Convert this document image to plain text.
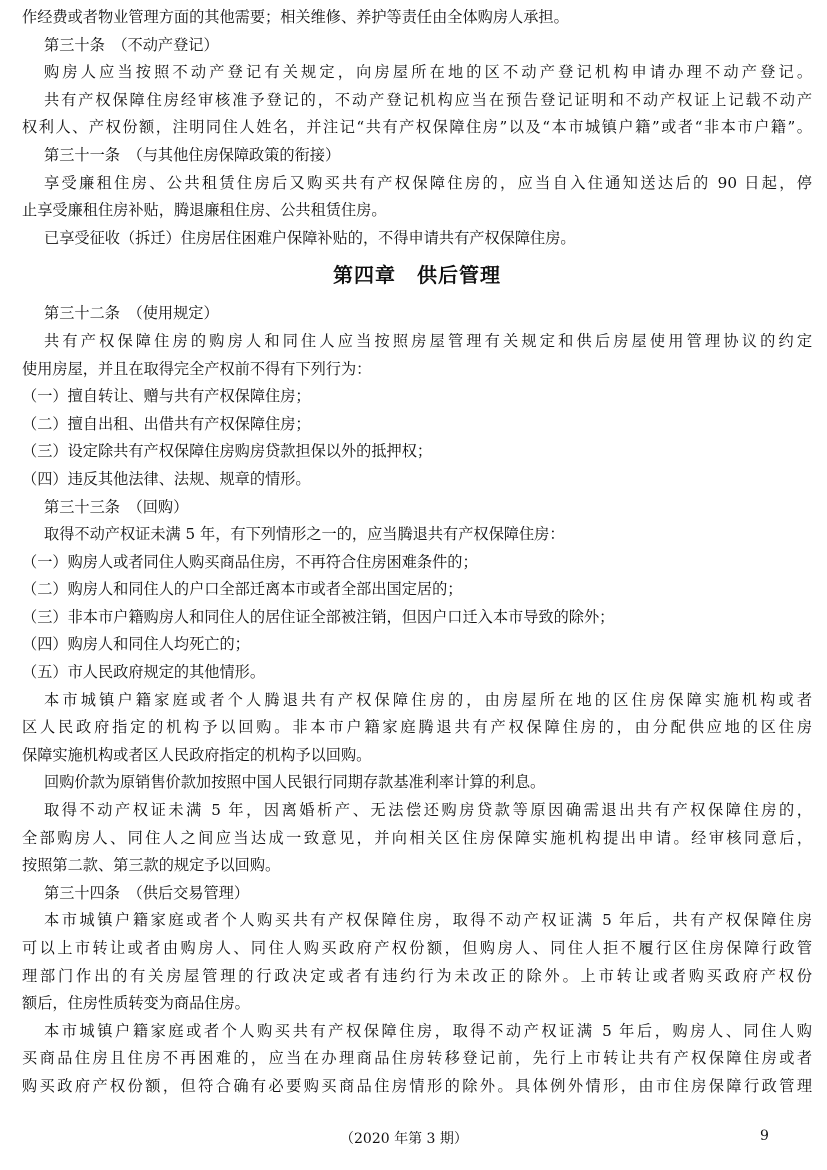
作经费或者物业管理方面的其他需要；相关维修、养护等责任由全体购房人承担。
第三十条　（不动产登记）
购房人应当按照不动产登记有关规定，向房屋所在地的区不动产登记机构申请办理不动产登记。
共有产权保障住房经审核准予登记的，不动产登记机构应当在预告登记证明和不动产权证上记载不动产
权利人、产权份额，注明同住人姓名，并注记“共有产权保障住房”以及“本市城镇户籍”或者“非本市户籍”。
第三十一条　（与其他住房保障政策的衔接）
享受廉租住房、公共租赁住房后又购买共有产权保障住房的，应当自入住通知送达后的 90 日起，停
止享受廉租住房补贴，腾退廉租住房、公共租赁住房。
已享受征收（拆迁）住房居住困难户保障补贴的，不得申请共有产权保障住房。
第四章　供后管理
第三十二条　（使用规定）
共有产权保障住房的购房人和同住人应当按照房屋管理有关规定和供后房屋使用管理协议的约定
使用房屋，并且在取得完全产权前不得有下列行为：
（一）擅自转让、赠与共有产权保障住房；
（二）擅自出租、出借共有产权保障住房；
（三）设定除共有产权保障住房购房贷款担保以外的抵押权；
（四）违反其他法律、法规、规章的情形。
第三十三条　（回购）
取得不动产权证未满 5 年，有下列情形之一的，应当腾退共有产权保障住房：
（一）购房人或者同住人购买商品住房，不再符合住房困难条件的；
（二）购房人和同住人的户口全部迁离本市或者全部出国定居的；
（三）非本市户籍购房人和同住人的居住证全部被注销，但因户口迁入本市导致的除外；
（四）购房人和同住人均死亡的；
（五）市人民政府规定的其他情形。
本市城镇户籍家庭或者个人腾退共有产权保障住房的，由房屋所在地的区住房保障实施机构或者
区人民政府指定的机构予以回购。非本市户籍家庭腾退共有产权保障住房的，由分配供应地的区住房
保障实施机构或者区人民政府指定的机构予以回购。
回购价款为原销售价款加按照中国人民银行同期存款基准利率计算的利息。
取得不动产权证未满 5 年，因离婚析产、无法偿还购房贷款等原因确需退出共有产权保障住房的，
全部购房人、同住人之间应当达成一致意见，并向相关区住房保障实施机构提出申请。经审核同意后，
按照第二款、第三款的规定予以回购。
第三十四条　（供后交易管理）
本市城镇户籍家庭或者个人购买共有产权保障住房，取得不动产权证满 5 年后，共有产权保障住房
可以上市转让或者由购房人、同住人购买政府产权份额，但购房人、同住人拒不履行区住房保障行政管
理部门作出的有关房屋管理的行政决定或者有违约行为未改正的除外。上市转让或者购买政府产权份
额后，住房性质转变为商品住房。
本市城镇户籍家庭或者个人购买共有产权保障住房，取得不动产权证满 5 年后，购房人、同住人购
买商品住房且住房不再困难的，应当在办理商品住房转移登记前，先行上市转让共有产权保障住房或者
购买政府产权份额，但符合确有必要购买商品住房情形的除外。具体例外情形，由市住房保障行政管理
（2020 年第 3 期）	9
